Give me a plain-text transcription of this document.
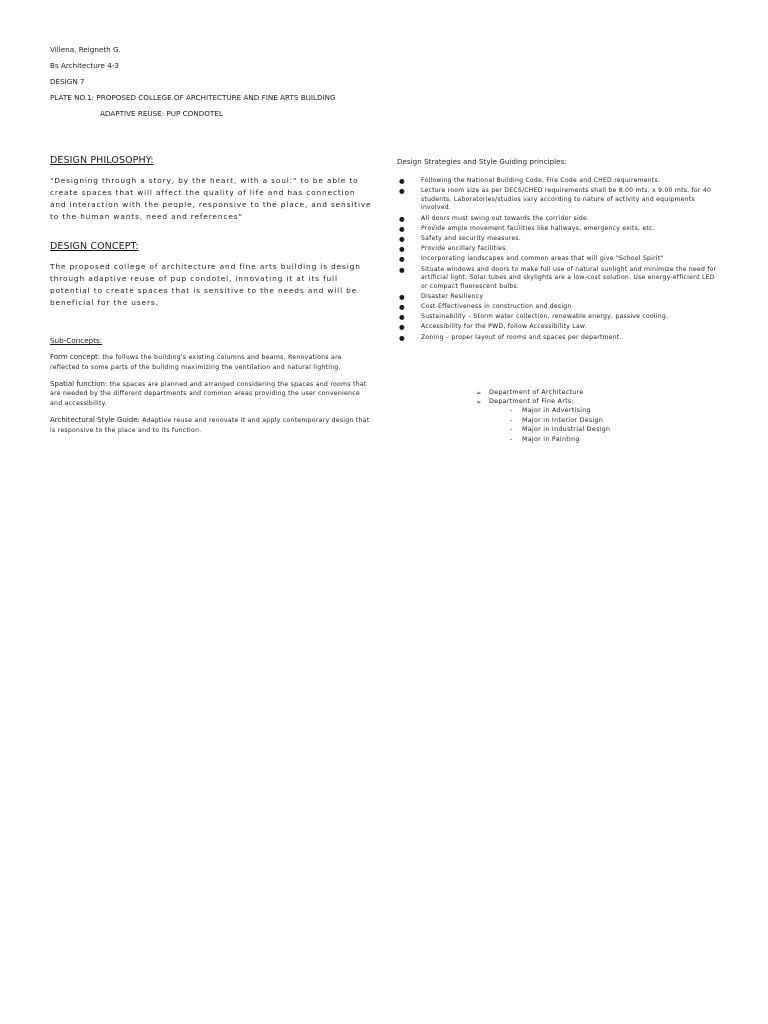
Villena, Reigneth G.
Bs Architecture 4-3
DESIGN 7
PLATE NO.1: PROPOSED COLLEGE OF ARCHITECTURE AND FINE ARTS BUILDING
ADAPTIVE REUSE: PUP CONDOTEL
DESIGN PHILOSOPHY:

"Designing through a story, by the heart, with a soul:" to be able to create spaces that will affect the quality of life and has connection and interaction with the people, responsive to the place, and sensitive to the human wants, need and references"

DESIGN CONCEPT:

The proposed college of architecture and fine arts building is design through adaptive reuse of pup condotel, innovating it at its full potential to create spaces that is sensitive to the needs and will be beneficial for the users.

Sub-Concepts:

Form concept: the follows the building's existing columns and beams. Renovations are reflected to some parts of the building maximizing the ventilation and natural lighting.

Spatial function: the spaces are planned and arranged considering the spaces and rooms that are needed by the different departments and common areas providing the user convenience and accessibility.

Architectural Style Guide: Adaptive reuse and renovate it and apply contemporary design that is responsive to the place and to its function.

Design Strategies and Style Guiding principles:
●	Following the National Building Code, Fire Code and CHED requirements.
●	Lecture room size as per DECS/CHED requirements shall be 8.00 mts. x 9.00 mts. for 40 students. Laboratories/studios vary according to nature of activity and equipments involved.
●	All doors must swing out towards the corridor side.
●	Provide ample movement facilities like hallways, emergency exits, etc.
●	Safety and security measures.
●	Provide ancillary facilities.
●	Incorporating landscapes and common areas that will give "School Spirit"
●	Situate windows and doors to make full use of natural sunlight and minimize the need for artificial light. Solar tubes and skylights are a low-cost solution. Use energy-efficient LED or compact fluorescent bulbs.
●	Disaster Resiliency
●	Cost-Effectiveness in construction and design
●	Sustainability – Storm water collection, renewable energy, passive cooling.
●	Accessibility for the PWD, follow Accessibility Law.
●	Zoning – proper layout of rooms and spaces per department.
➢ Department of Architecture
➢ Department of Fine Arts:
- Major in Advertising
- Major in Interior Design
- Major in Industrial Design
- Major in Painting
